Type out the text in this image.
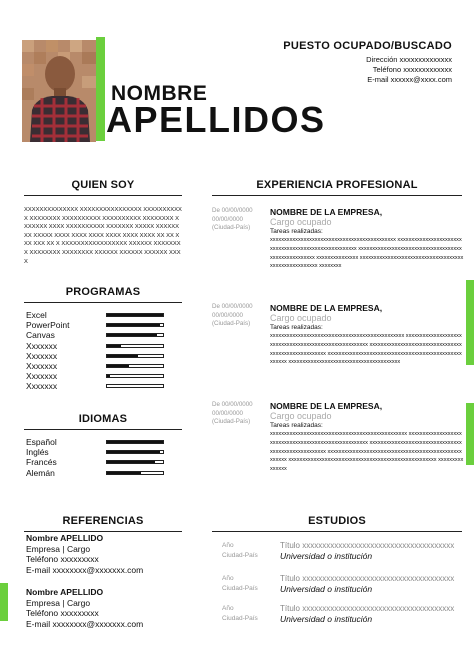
NOMBRE
APELLIDOS
PUESTO OCUPADO/BUSCADO
Dirección xxxxxxxxxxxxxx
Teléfono xxxxxxxxxxxxx
E-mail xxxxxx@xxxx.com
QUIEN SOY
XXXXXXXXXXXXXX XXXXXXXXXXXXXXXX XXXXXXXXXXX XXXXXXXX XXXXXXXXXX XXXXXXXXXX XXXXXXXX XXXXXXX XXXX XXXXXXXXXX XXXXXXX XXXXX XXXXXXXX XXXXX XXXX XXXX XXXX XXXX XXXX XXXX XX XX XXX XXX XX X XXXXXXXXXXXXXXXXX XXXXXX XXXXXXXX XXXXXXXX XXXXXXXX XXXXXX XXXXXX XXXXXX XXXX
PROGRAMAS
Excel
PowerPoint
Canvas
Xxxxxxx
Xxxxxxx
Xxxxxxx
Xxxxxxx
Xxxxxxx
IDIOMAS
Español
Inglés
Francés
Alemán
REFERENCIAS
Nombre APELLIDO
Empresa | Cargo
Teléfono xxxxxxxxx
E-mail xxxxxxxx@xxxxxxx.com
Nombre APELLIDO
Empresa | Cargo
Teléfono xxxxxxxxx
E-mail xxxxxxxx@xxxxxxx.com
EXPERIENCIA PROFESIONAL
De 00/00/0000
00/00/0000
(Ciudad-País)
NOMBRE DE LA EMPRESA,
Cargo ocupado
Tareas realizadas:
xxxxxxxxxxxxxxxxxxxxxxxxxxxxxxxxxxxxxxxxxxxxx xxxxxxxxxxxxxxxxxxxxxxxxxxxxxxxxxxxxxxxxxxxxxxxxxxxxxx xxxxxxxxxxxxxxxxxxxxxxxxxxxxxxxxxxxxxxxxxxxxxxxxxxxxx xxxxxxxxxxxxxxx xxxxxxxxxxxxxxxxxxxxxxxxxxxxxxxxxxxxxxxxxxxxxxxxxxxxxx xxxxxxxx
De 00/00/0000
00/00/0000
(Ciudad-País)
NOMBRE DE LA EMPRESA,
Cargo ocupado
Tareas realizadas:
xxxxxxxxxxxxxxxxxxxxxxxxxxxxxxxxxxxxxxxxxxxxxxxx xxxxxxxxxxxxxxxxxxxxxxxxxxxxxxxxxxxxxxxxxxxxxxxxxxxxxxx xxxxxxxxxxxxxxxxxxxxxxxxxxxxxxxxxxxxxxxxxxxxxxxxxxxxx xxxxxxxxxxxxxxxxxxxxxxxxxxxxxxxxxxxxxxxxxxxxxxxxxxxxxx xxxxxxxxxxxxxxxxxxxxxxxxxxxxxxxxxxxxxxxx
De 00/00/0000
00/00/0000
(Ciudad-País)
NOMBRE DE LA EMPRESA,
Cargo ocupado
Tareas realizadas:
xxxxxxxxxxxxxxxxxxxxxxxxxxxxxxxxxxxxxxxxxxxxxxxxx xxxxxxxxxxxxxxxxxxxxxxxxxxxxxxxxxxxxxxxxxxxxxxxxxxxxxx xxxxxxxxxxxxxxxxxxxxxxxxxxxxxxxxxxxxxxxxxxxxxxxxxxxxx xxxxxxxxxxxxxxxxxxxxxxxxxxxxxxxxxxxxxxxxxxxxxxxxxxxxxx xxxxxxxxxxxxxxxxxxxxxxxxxxxxxxxxxxxxxxxxxxxxxxxxxxxxx xxxxxxxxxxxxxxx
ESTUDIOS
Año
Ciudad-País
Título xxxxxxxxxxxxxxxxxxxxxxxxxxxxxxxxxxxxxx
Universidad o institución
Año
Ciudad-País
Título xxxxxxxxxxxxxxxxxxxxxxxxxxxxxxxxxxxxxx
Universidad o institución
Año
Ciudad-País
Título xxxxxxxxxxxxxxxxxxxxxxxxxxxxxxxxxxxxxx
Universidad o institución
